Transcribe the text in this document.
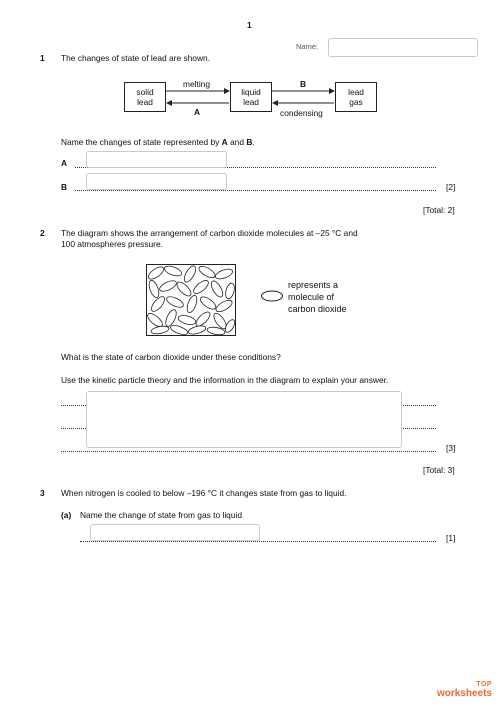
1
Name:
1 The changes of state of lead are shown.
solid
lead
liquid
lead
lead
gas
melting	B
A	condensing
Name the changes of state represented by A and B.
A
B	[2]
[Total: 2]
2 The diagram shows the arrangement of carbon dioxide molecules at –25 °C and
100 atmospheres pressure.
represents a
molecule of
carbon dioxide
What is the state of carbon dioxide under these conditions?
Use the kinetic particle theory and the information in the diagram to explain your answer.
[3]
[Total: 3]
3 When nitrogen is cooled to below –196 °C it changes state from gas to liquid.
(a) Name the change of state from gas to liquid
[1]
TOP
worksheets
